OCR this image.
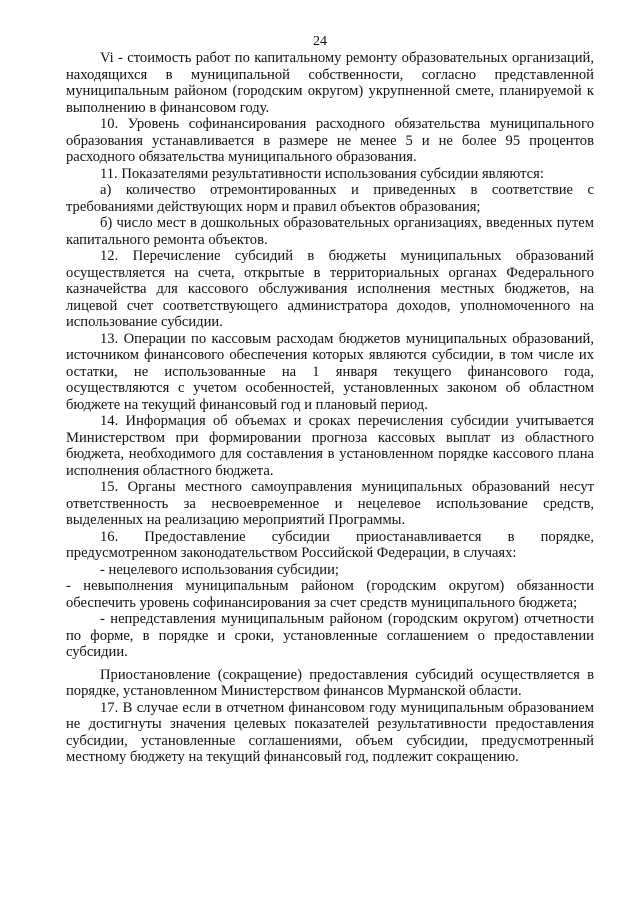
24

Vi - стоимость работ по капитальному ремонту образовательных организаций, находящихся в муниципальной собственности, согласно представленной муниципальным районом (городским округом) укрупненной смете, планируемой к выполнению в финансовом году.

10. Уровень софинансирования расходного обязательства муниципального образования устанавливается в размере не менее 5 и не более 95 процентов расходного обязательства муниципального образования.

11. Показателями результативности использования субсидии являются:

а) количество отремонтированных и приведенных в соответствие с требованиями действующих норм и правил объектов образования;

б) число мест в дошкольных образовательных организациях, введенных путем капитального ремонта объектов.

12. Перечисление субсидий в бюджеты муниципальных образований осуществляется на счета, открытые в территориальных органах Федерального казначейства для кассового обслуживания исполнения местных бюджетов, на лицевой счет соответствующего администратора доходов, уполномоченного на использование субсидии.

13. Операции по кассовым расходам бюджетов муниципальных образований, источником финансового обеспечения которых являются субсидии, в том числе их остатки, не использованные на 1 января текущего финансового года, осуществляются с учетом особенностей, установленных законом об областном бюджете на текущий финансовый год и плановый период.

14. Информация об объемах и сроках перечисления субсидии учитывается Министерством при формировании прогноза кассовых выплат из областного бюджета, необходимого для составления в установленном порядке кассового плана исполнения областного бюджета.

15. Органы местного самоуправления муниципальных образований несут ответственность за несвоевременное и нецелевое использование средств, выделенных на реализацию мероприятий Программы.

16. Предоставление субсидии приостанавливается в порядке, предусмотренном законодательством Российской Федерации, в случаях:

- нецелевого использования субсидии;

- невыполнения муниципальным районом (городским округом) обязанности обеспечить уровень софинансирования за счет средств муниципального бюджета;

- непредставления муниципальным районом (городским округом) отчетности по форме, в порядке и сроки, установленные соглашением о предоставлении субсидии.

Приостановление (сокращение) предоставления субсидий осуществляется в порядке, установленном Министерством финансов Мурманской области.

17. В случае если в отчетном финансовом году муниципальным образованием не достигнуты значения целевых показателей результативности предоставления субсидии, установленные соглашениями, объем субсидии, предусмотренный местному бюджету на текущий финансовый год, подлежит сокращению.
